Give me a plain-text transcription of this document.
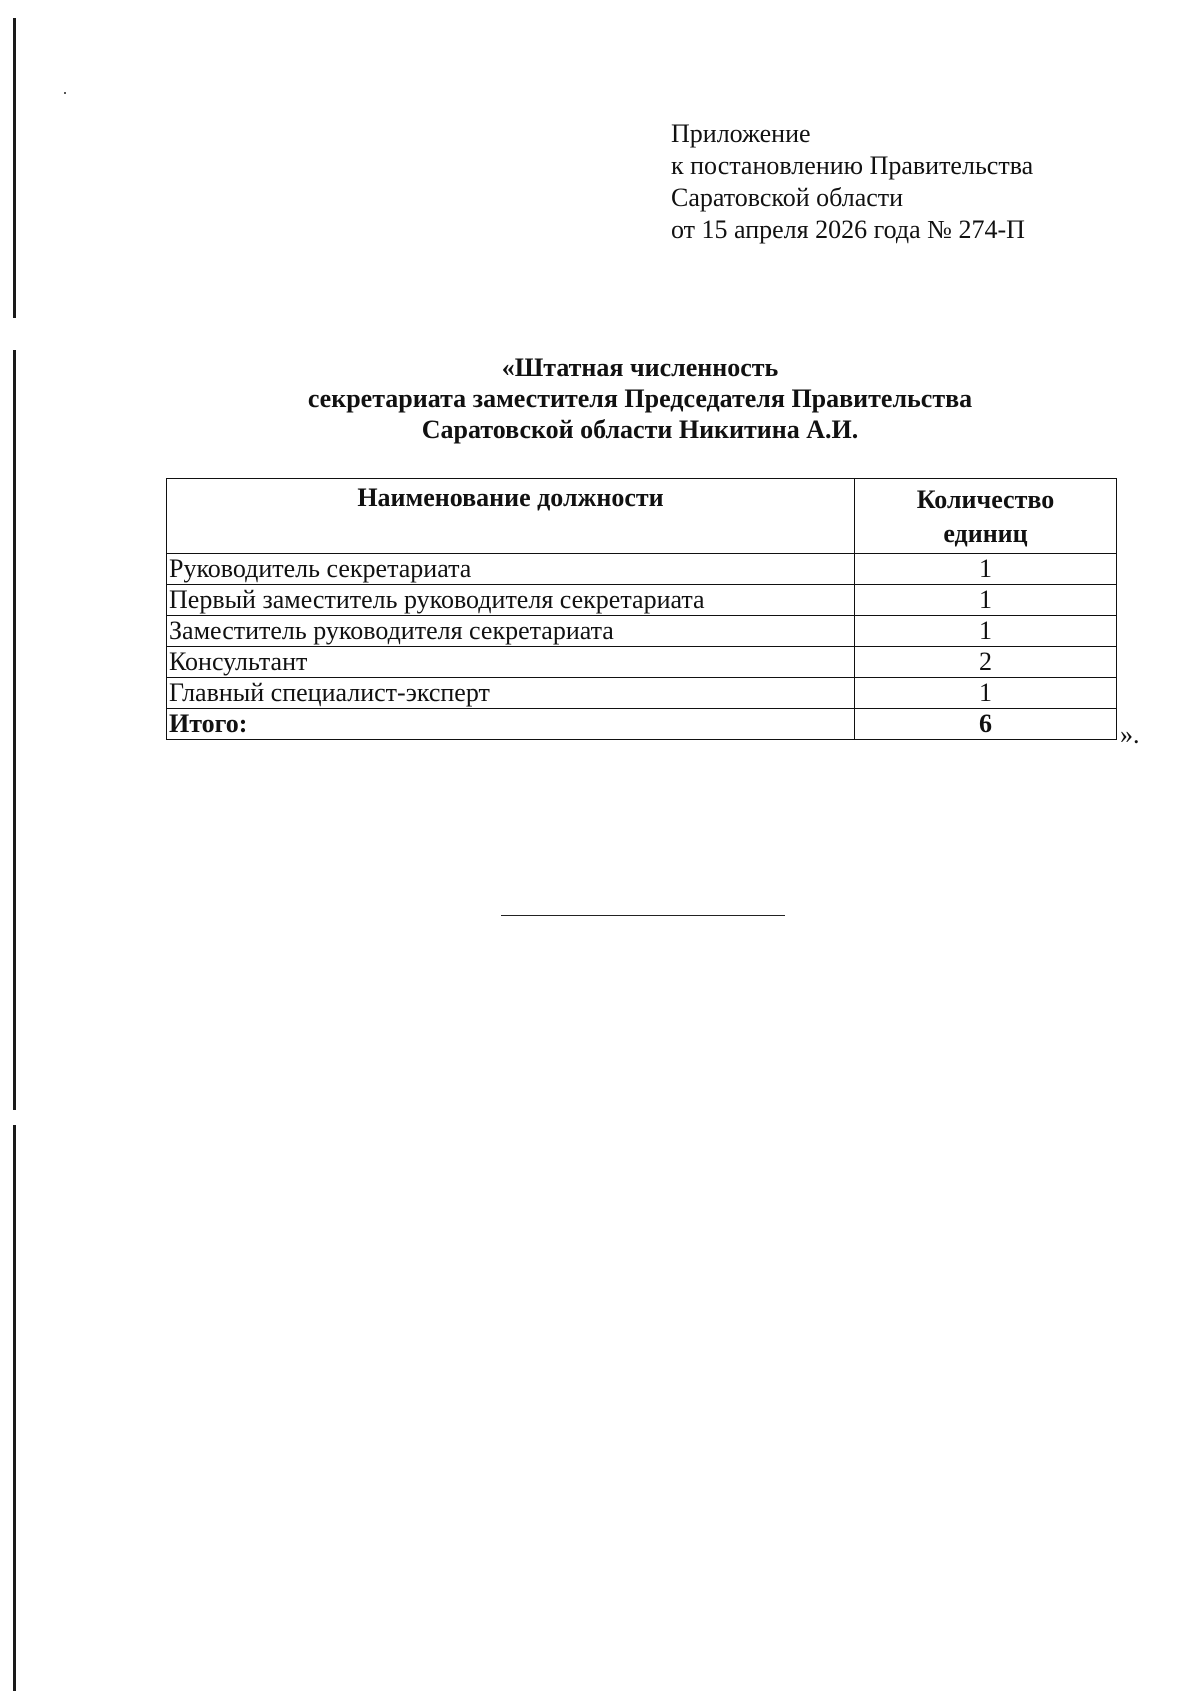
Приложение
к постановлению Правительства
Саратовской области
от 15 апреля 2026 года № 274-П
«Штатная численность
секретариата заместителя Председателя Правительства
Саратовской области Никитина А.И.
Наименование должности	Количество
единиц

Руководитель секретариата	1
Первый заместитель руководителя секретариата	1
Заместитель руководителя секретариата	1
Консультант	2
Главный специалист-эксперт	1
Итого:	6	».
